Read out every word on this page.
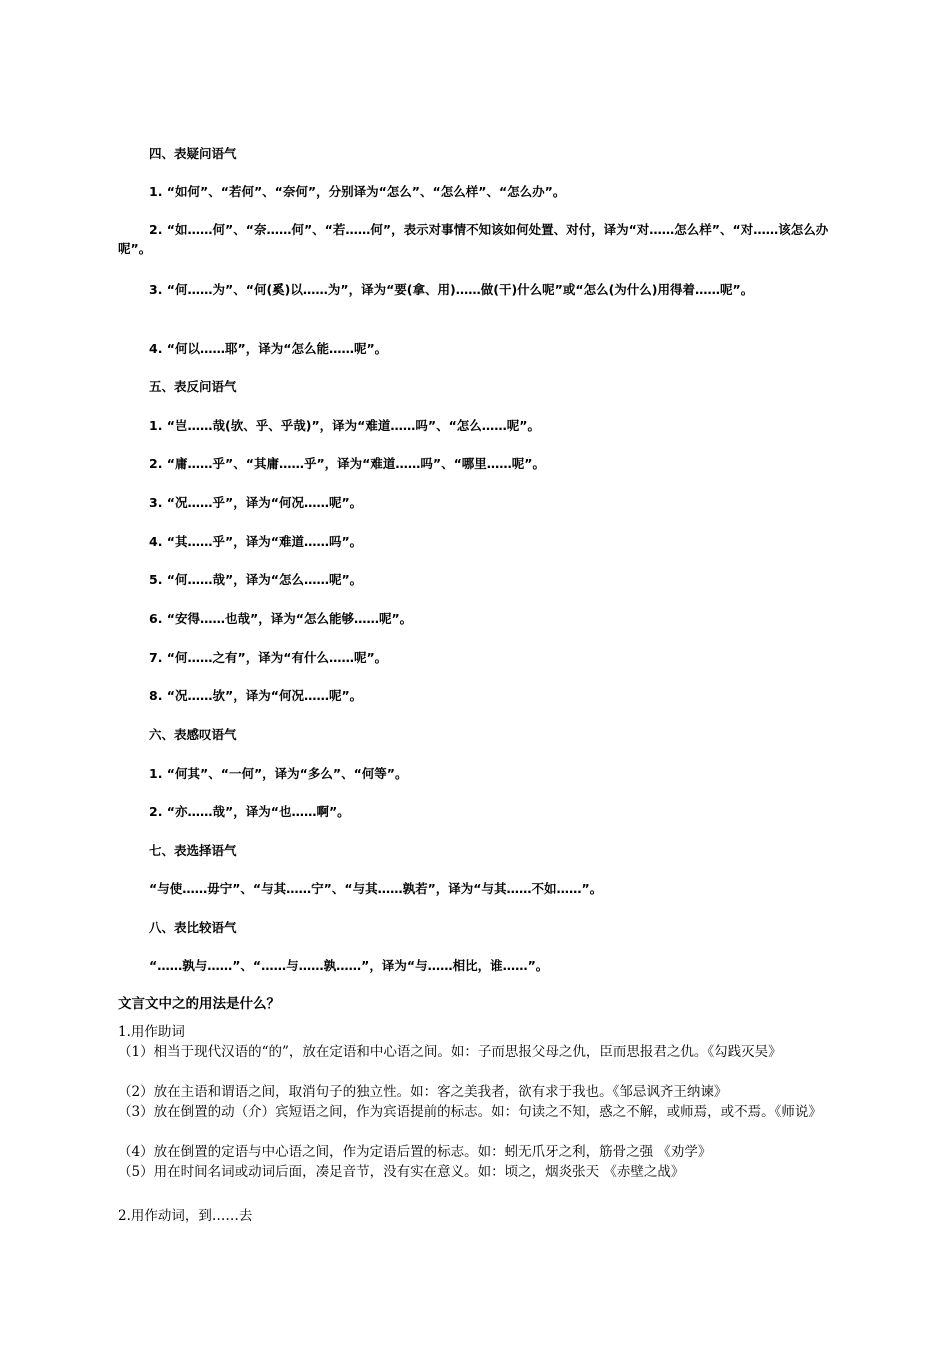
四、表疑问语气
1. “如何”、“若何”、“奈何”，分别译为“怎么”、“怎么样”、“怎么办”。
2. “如……何”、“奈……何”、“若……何”，表示对事情不知该如何处置、对付，译为“对……怎么样”、“对……该怎么办呢”。
3. “何……为”、“何(奚)以……为”，译为“要(拿、用)……做(干)什么呢”或“怎么(为什么)用得着……呢”。
4. “何以……耶”，译为“怎么能……呢”。
五、表反问语气
1. “岂……哉(欤、乎、乎哉)”，译为“难道……吗”、“怎么……呢”。
2. “庸……乎”、“其庸……乎”，译为“难道……吗”、“哪里……呢”。
3. “况……乎”，译为“何况……呢”。
4. “其……乎”，译为“难道……吗”。
5. “何……哉”，译为“怎么……呢”。
6. “安得……也哉”，译为“怎么能够……呢”。
7. “何……之有”，译为“有什么……呢”。
8. “况……欤”，译为“何况……呢”。
六、表感叹语气
1. “何其”、“一何”，译为“多么”、“何等”。
2. “亦……哉”，译为“也……啊”。
七、表选择语气
“与使……毋宁”、“与其……宁”、“与其……孰若”，译为“与其……不如……”。
八、表比较语气
“……孰与……”、“……与……孰……”，译为“与……相比，谁……”。
文言文中之的用法是什么？
1.用作助词
（1）相当于现代汉语的“的”，放在定语和中心语之间。如：子而思报父母之仇，臣而思报君之仇。《勾践灭吴》
（2）放在主语和谓语之间，取消句子的独立性。如：客之美我者，欲有求于我也。《邹忌讽齐王纳谏》
（3）放在倒置的动（介）宾短语之间，作为宾语提前的标志。如：句读之不知，惑之不解，或师焉，或不焉。《师说》
（4）放在倒置的定语与中心语之间，作为定语后置的标志。如：蚓无爪牙之利，筋骨之强 《劝学》
（5）用在时间名词或动词后面，凑足音节，没有实在意义。如：顷之，烟炎张天 《赤壁之战》
2.用作动词，到……去
